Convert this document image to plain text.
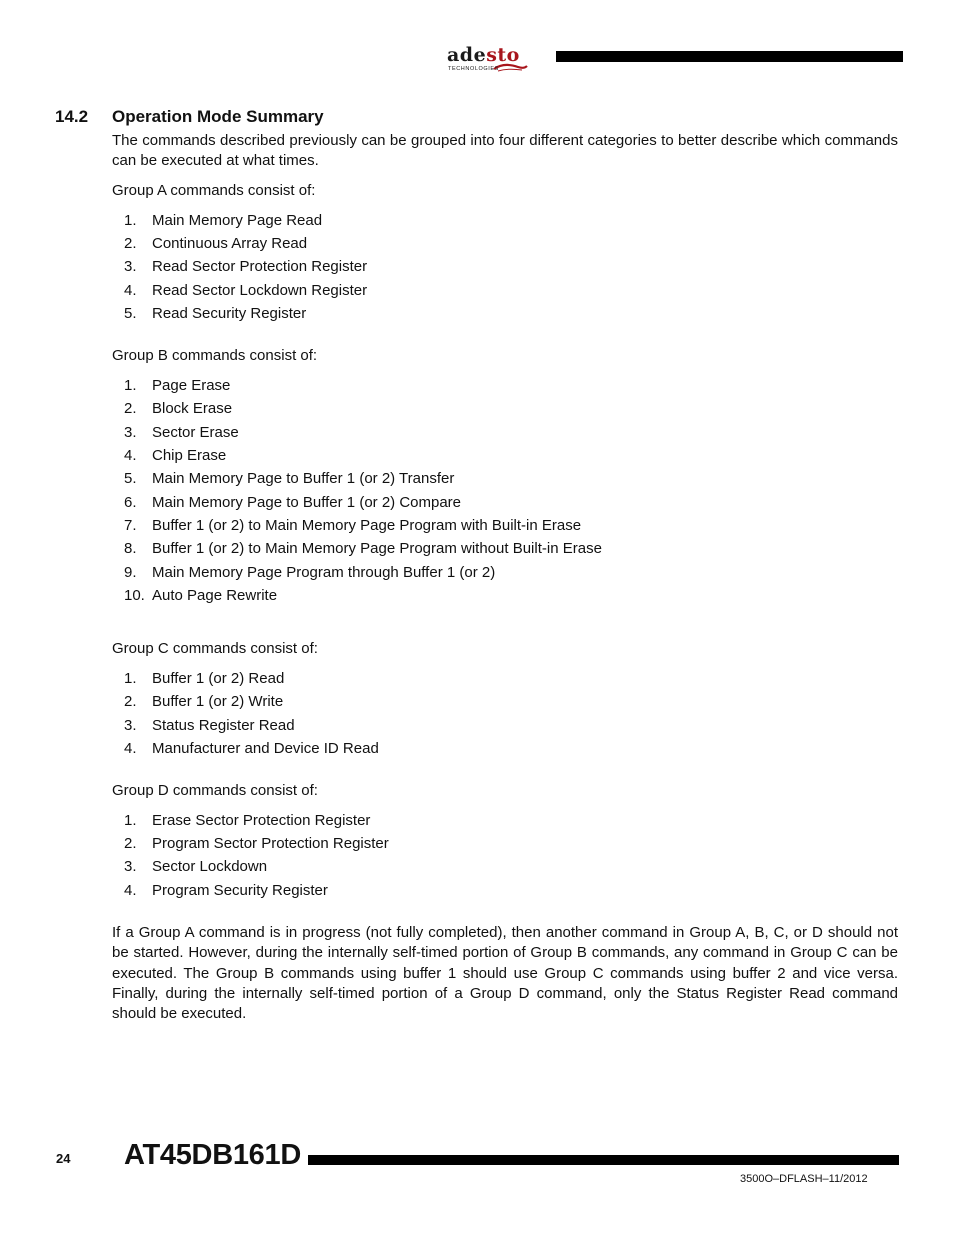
adesto
TECHNOLOGIES
14.2 Operation Mode Summary
The commands described previously can be grouped into four different categories to better describe which commands can be executed at what times.
Group A commands consist of:
1. Main Memory Page Read
2. Continuous Array Read
3. Read Sector Protection Register
4. Read Sector Lockdown Register
5. Read Security Register
Group B commands consist of:
1. Page Erase
2. Block Erase
3. Sector Erase
4. Chip Erase
5. Main Memory Page to Buffer 1 (or 2) Transfer
6. Main Memory Page to Buffer 1 (or 2) Compare
7. Buffer 1 (or 2) to Main Memory Page Program with Built-in Erase
8. Buffer 1 (or 2) to Main Memory Page Program without Built-in Erase
9. Main Memory Page Program through Buffer 1 (or 2)
10. Auto Page Rewrite
Group C commands consist of:
1. Buffer 1 (or 2) Read
2. Buffer 1 (or 2) Write
3. Status Register Read
4. Manufacturer and Device ID Read
Group D commands consist of:
1. Erase Sector Protection Register
2. Program Sector Protection Register
3. Sector Lockdown
4. Program Security Register
If a Group A command is in progress (not fully completed), then another command in Group A, B, C, or D should not be started. However, during the internally self-timed portion of Group B commands, any command in Group C can be executed. The Group B commands using buffer 1 should use Group C commands using buffer 2 and vice versa. Finally, during the internally self-timed portion of a Group D command, only the Status Register Read command should be executed.
24 AT45DB161D
3500O–DFLASH–11/2012
